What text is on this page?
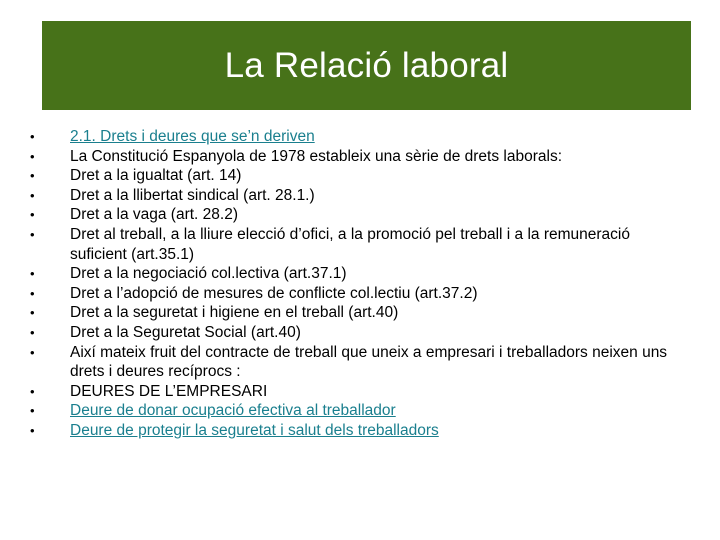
La Relació laboral
•	2.1. Drets i deures que se’n deriven
•	La Constitució Espanyola de 1978 estableix una sèrie de drets laborals:
•	Dret a la igualtat (art. 14)
•	Dret a la llibertat sindical (art. 28.1.)
•	Dret a la vaga (art. 28.2)
•	Dret al treball, a la lliure elecció d’ofici, a la promoció pel treball i a la remuneració suficient (art.35.1)
•	Dret a la negociació col.lectiva (art.37.1)
•	Dret a l’adopció de mesures de conflicte col.lectiu (art.37.2)
•	Dret a la seguretat i higiene en el treball (art.40)
•	Dret a la Seguretat Social (art.40)
•	Així mateix fruit del contracte de treball que uneix a empresari i treballadors neixen uns drets i deures recíprocs :
•	DEURES DE L’EMPRESARI
•	Deure de donar ocupació efectiva al treballador
•	Deure de protegir la seguretat i salut dels treballadors
